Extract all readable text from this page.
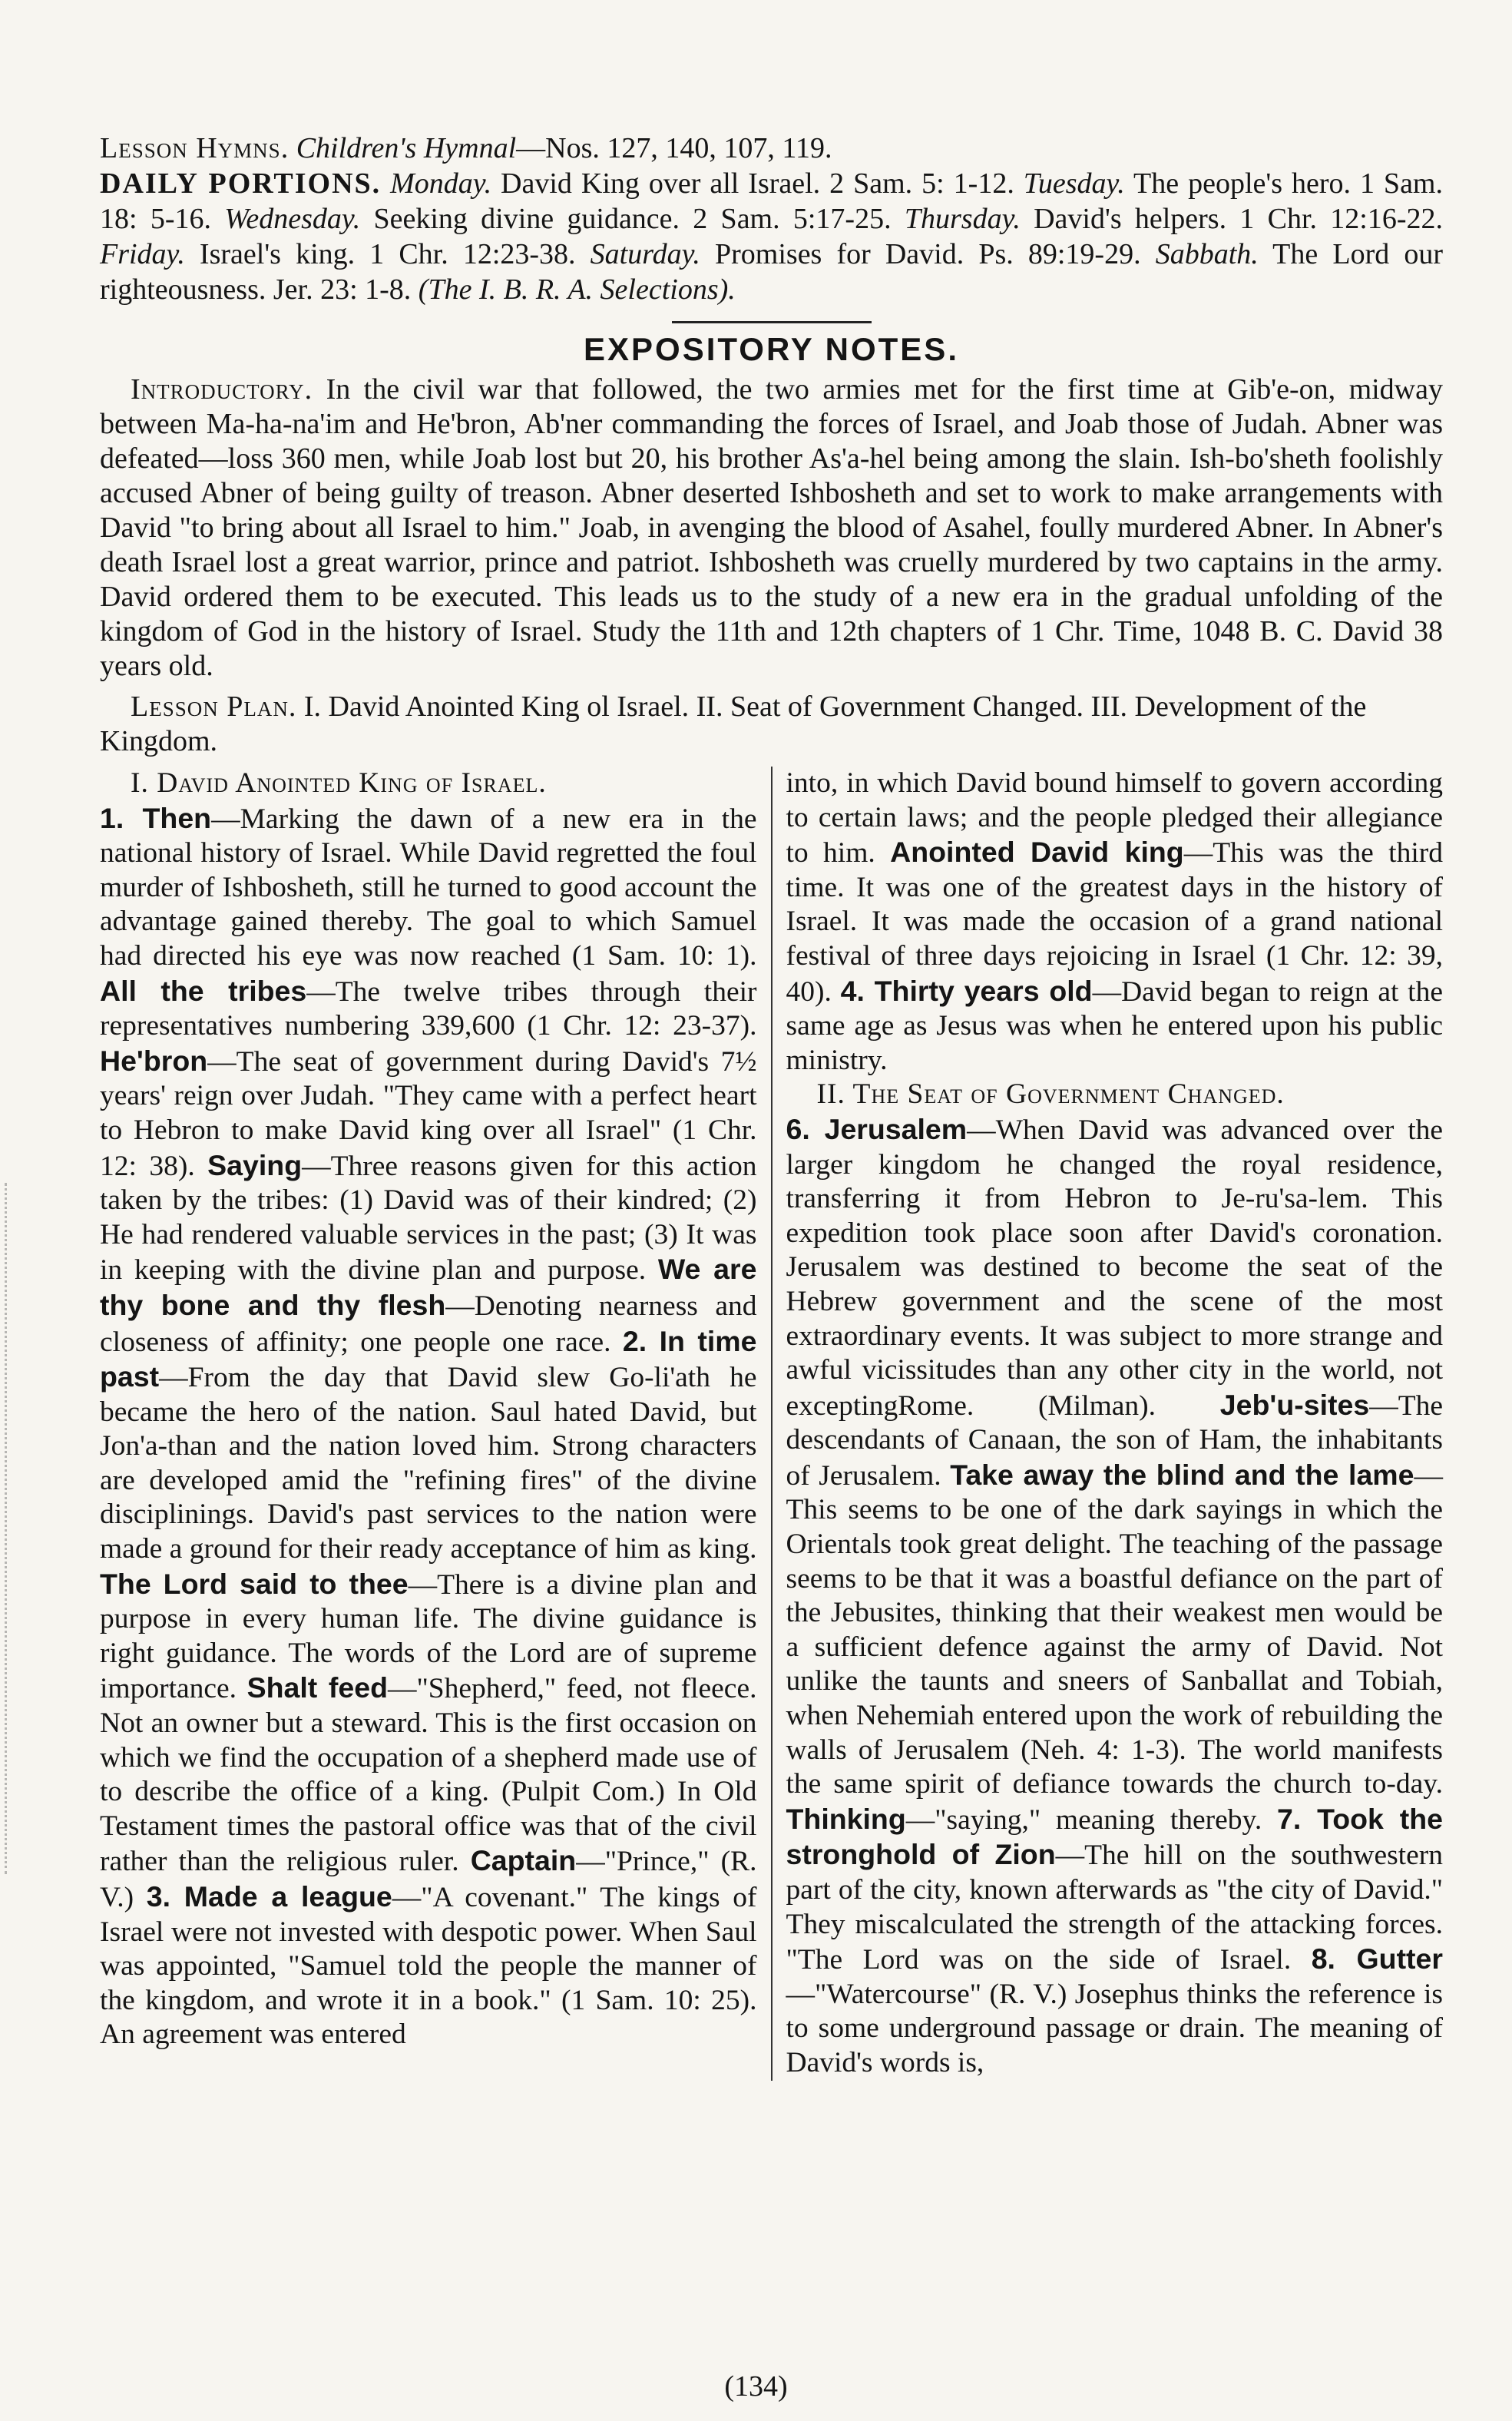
Lesson Hymns. Children's Hymnal—Nos. 127, 140, 107, 119.

DAILY PORTIONS. Monday. David King over all Israel. 2 Sam. 5: 1-12. Tuesday. The people's hero. 1 Sam. 18: 5-16. Wednesday. Seeking divine guidance. 2 Sam. 5:17-25. Thursday. David's helpers. 1 Chr. 12:16-22. Friday. Israel's king. 1 Chr. 12:23-38. Saturday. Promises for David. Ps. 89:19-29. Sabbath. The Lord our righteousness. Jer. 23: 1-8. (The I. B. R. A. Selections).

EXPOSITORY NOTES.

Introductory. In the civil war that followed, the two armies met for the first time at Gib'e-on, midway between Ma-ha-na'im and He'bron, Ab'ner commanding the forces of Israel, and Joab those of Judah. Abner was defeated—loss 360 men, while Joab lost but 20, his brother As'a-hel being among the slain. Ish-bo'sheth foolishly accused Abner of being guilty of treason. Abner deserted Ishbosheth and set to work to make arrangements with David "to bring about all Israel to him." Joab, in avenging the blood of Asahel, foully murdered Abner. In Abner's death Israel lost a great warrior, prince and patriot. Ishbosheth was cruelly murdered by two captains in the army. David ordered them to be executed. This leads us to the study of a new era in the gradual unfolding of the kingdom of God in the history of Israel. Study the 11th and 12th chapters of 1 Chr. Time, 1048 B. C. David 38 years old.

Lesson Plan. I. David Anointed King ol Israel. II. Seat of Government Changed. III. Development of the Kingdom.

I. David Anointed King of Israel.

1. Then—Marking the dawn of a new era in the national history of Israel. While David regretted the foul murder of Ishbosheth, still he turned to good account the advantage gained thereby. The goal to which Samuel had directed his eye was now reached (1 Sam. 10: 1). All the tribes—The twelve tribes through their representatives numbering 339,600 (1 Chr. 12: 23-37). He'bron—The seat of government during David's 7½ years' reign over Judah. "They came with a perfect heart to Hebron to make David king over all Israel" (1 Chr. 12: 38). Saying—Three reasons given for this action taken by the tribes: (1) David was of their kindred; (2) He had rendered valuable services in the past; (3) It was in keeping with the divine plan and purpose. We are thy bone and thy flesh—Denoting nearness and closeness of affinity; one people one race. 2. In time past—From the day that David slew Go-li'ath he became the hero of the nation. Saul hated David, but Jon'a-than and the nation loved him. Strong characters are developed amid the "refining fires" of the divine disciplinings. David's past services to the nation were made a ground for their ready acceptance of him as king. The Lord said to thee—There is a divine plan and purpose in every human life. The divine guidance is right guidance. The words of the Lord are of supreme importance. Shalt feed—"Shepherd," feed, not fleece. Not an owner but a steward. This is the first occasion on which we find the occupation of a shepherd made use of to describe the office of a king. (Pulpit Com.) In Old Testament times the pastoral office was that of the civil rather than the religious ruler. Captain—"Prince," (R. V.) 3. Made a league—"A covenant." The kings of Israel were not invested with despotic power. When Saul was appointed, "Samuel told the people the manner of the kingdom, and wrote it in a book." (1 Sam. 10: 25). An agreement was entered

into, in which David bound himself to govern according to certain laws; and the people pledged their allegiance to him. Anointed David king—This was the third time. It was one of the greatest days in the history of Israel. It was made the occasion of a grand national festival of three days rejoicing in Israel (1 Chr. 12: 39, 40). 4. Thirty years old—David began to reign at the same age as Jesus was when he entered upon his public ministry.

II. The Seat of Government Changed.

6. Jerusalem—When David was advanced over the larger kingdom he changed the royal residence, transferring it from Hebron to Je-ru'sa-lem. This expedition took place soon after David's coronation. Jerusalem was destined to become the seat of the Hebrew government and the scene of the most extraordinary events. It was subject to more strange and awful vicissitudes than any other city in the world, not exceptingRome. (Milman). Jeb'u-sites—The descendants of Canaan, the son of Ham, the inhabitants of Jerusalem. Take away the blind and the lame—This seems to be one of the dark sayings in which the Orientals took great delight. The teaching of the passage seems to be that it was a boastful defiance on the part of the Jebusites, thinking that their weakest men would be a sufficient defence against the army of David. Not unlike the taunts and sneers of Sanballat and Tobiah, when Nehemiah entered upon the work of rebuilding the walls of Jerusalem (Neh. 4: 1-3). The world manifests the same spirit of defiance towards the church to-day. Thinking—"saying," meaning thereby. 7. Took the stronghold of Zion—The hill on the southwestern part of the city, known afterwards as "the city of David." They miscalculated the strength of the attacking forces. "The Lord was on the side of Israel. 8. Gutter—"Watercourse" (R. V.) Josephus thinks the reference is to some underground passage or drain. The meaning of David's words is,

(134)
